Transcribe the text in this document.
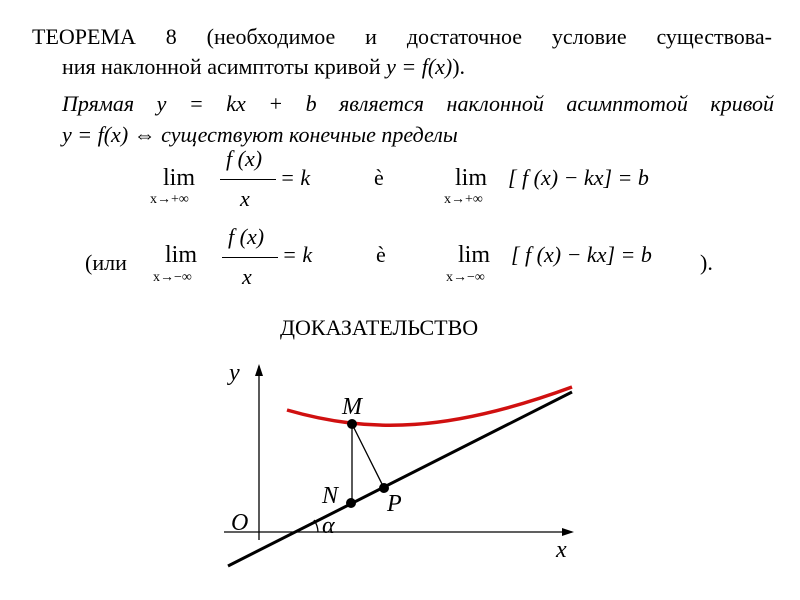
ТЕОРЕМА 8 (необходимое и достаточное условие существова-
ния наклонной асимптоты кривой y = f(x)).
Прямая y = kx + b является наклонной асимптотой кривой
y = f(x) ⇔ существуют конечные пределы
lim
x→+∞
f (x)
x
= k	è	lim
x→+∞
[ f (x) − kx] = b
(или lim
x→−∞
f (x)
x
= k	è	lim
x→−∞
[ f (x) − kx] = b ).
ДОКАЗАТЕЛЬСТВО
y
x
O
M
N P
α
